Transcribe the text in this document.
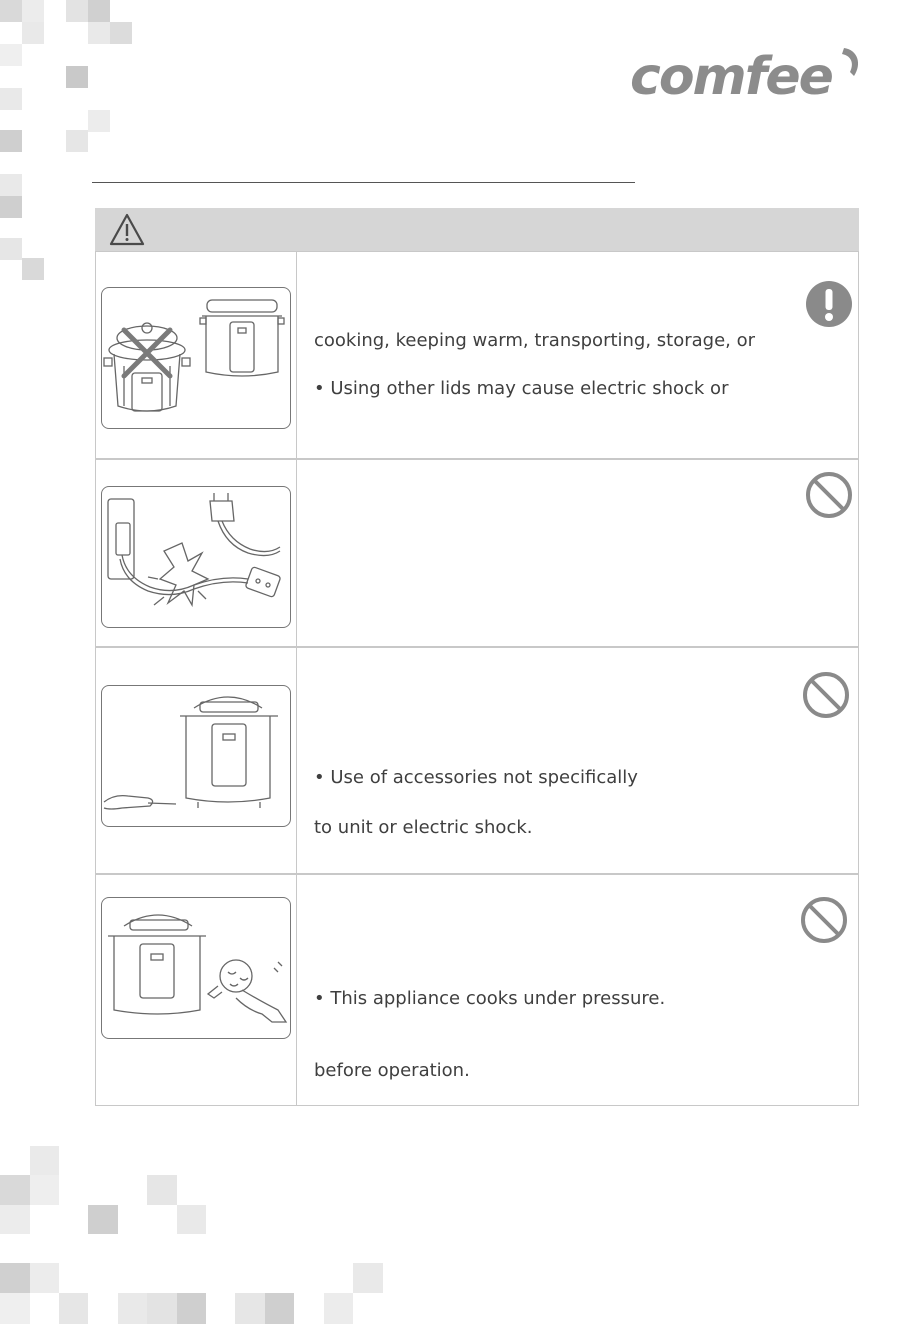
comfee
cooking, keeping warm, transporting, storage, or
• Using other lids may cause electric shock or
• Use of accessories not specifically
to unit or electric shock.
• This appliance cooks under pressure.
before operation.
